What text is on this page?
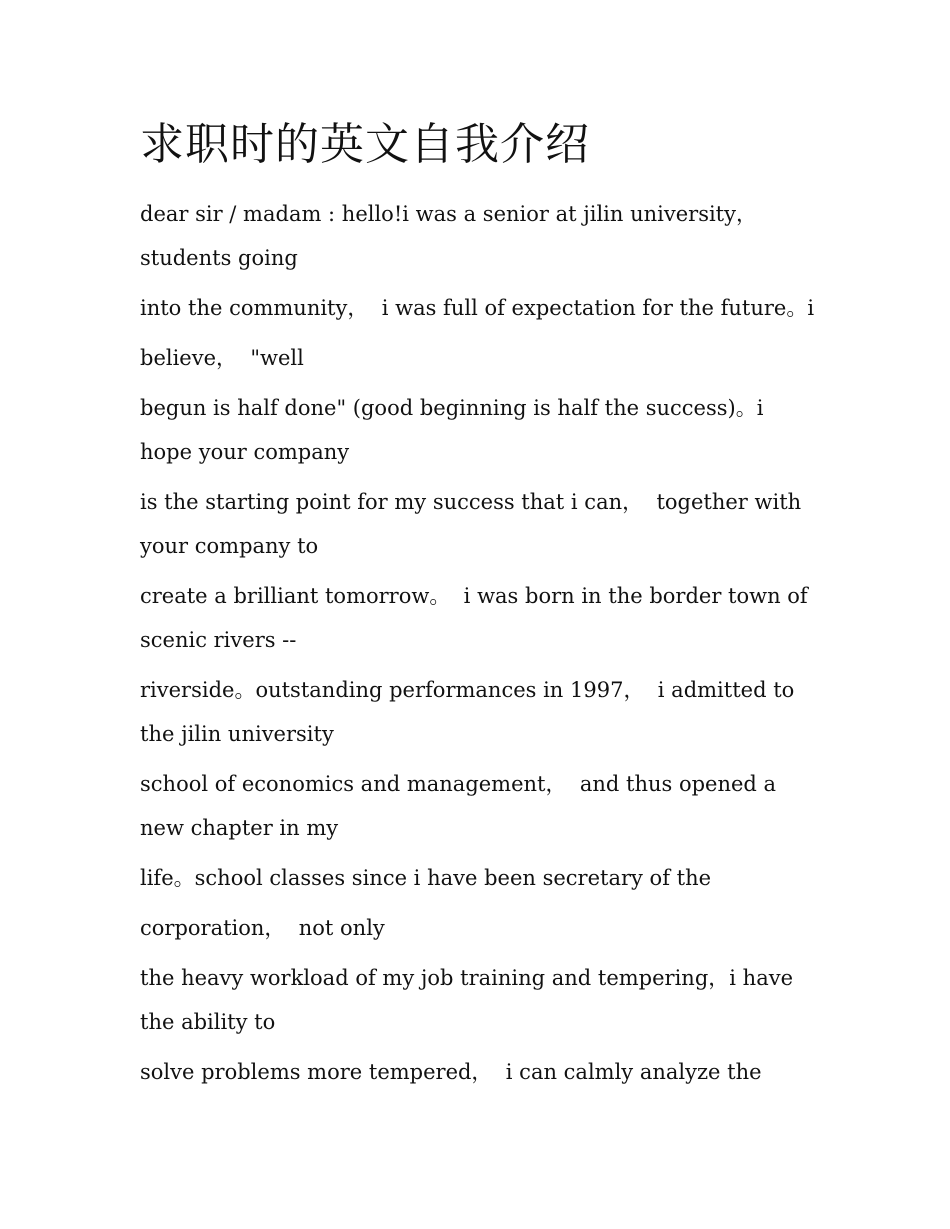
求职时的英文自我介绍

dear sir / madam : hello!i was a senior at jilin university，students going

into the community，  i was full of expectation for the future。i

believe，  "well

begun is half done" (good beginning is half the success)。i hope your company

is the starting point for my success that i can，  together with your company to

create a brilliant tomorrow。  i was born in the border town of scenic rivers --

riverside。outstanding performances in 1997，  i admitted to the jilin university

school of economics and management，  and thus opened a new chapter in my

life。school classes since i have been secretary of the

corporation，  not only

the heavy workload of my job training and tempering，i have the ability to

solve problems more tempered，  i can calmly analyze the
